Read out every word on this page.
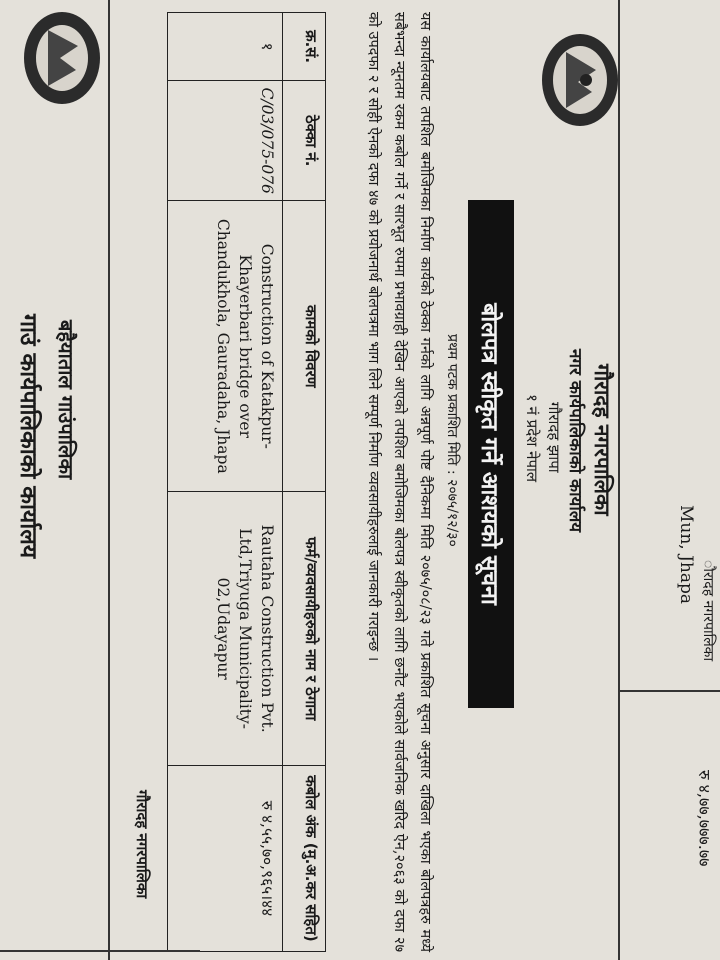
रु ४,७७,७७७.७७
ौरादह नगरपालिका
Mun, Jhapa
गौरादह नगरपालिका
नगर कार्यपालिकाको कार्यालय
गौरादह झापा
१ नं प्रदेश नेपाल
बोलपत्र स्वीकृत गर्ने आशयको सूचना
प्रथम पटक प्रकाशित मिति : २०७५/१२/३०
यस कार्यालयबाट तपशिल बमोजिमका निर्माण कार्यको ठेक्का गर्नको लागि अन्नपूर्ण पोष्ट दैनिकमा मिति २०७५/०८/२३ गते प्रकाशित सूचना अनुसार दाखिला भएका बोलपत्रहरु मध्ये सबैभन्दा न्यूनतम रकम कबोल गर्ने र सारभूत रुपमा प्रभावग्राही देखिन आएको तपशिल बमोजिमका बोलपत्र स्वीकृतको लागि छनौट भएकोले सार्वजनिक खरिद ऐन,२०६३ को दफा २७ को उपदफा २ र सोही ऐनको दफा ४७ को प्रयोजनार्थ बोलपत्रमा भाग लिने सम्पूर्ण निर्माण व्यवसायीहरुलाई जानकारी गराइन्छ ।
क्र.सं.	ठेक्का नं.	कामको विवरण	फर्म/व्यवसायीहरुको नाम र ठेगाना	कबोल अंक (मु.अ.कर सहित)
१	C/03/075-076	Construction of Katakpur-Khayerbari bridge over Chandukhola, Gauradaha, Jhapa	Rautaha Construction Pvt. Ltd,Triyuga Municipality-02,Udayapur	रु ४,५५,७०,९६५।४४
गौरादह नगरपालिका
बहैयाताल गाउंपालिका
गाउं कार्यपालिकाको कार्यालय
